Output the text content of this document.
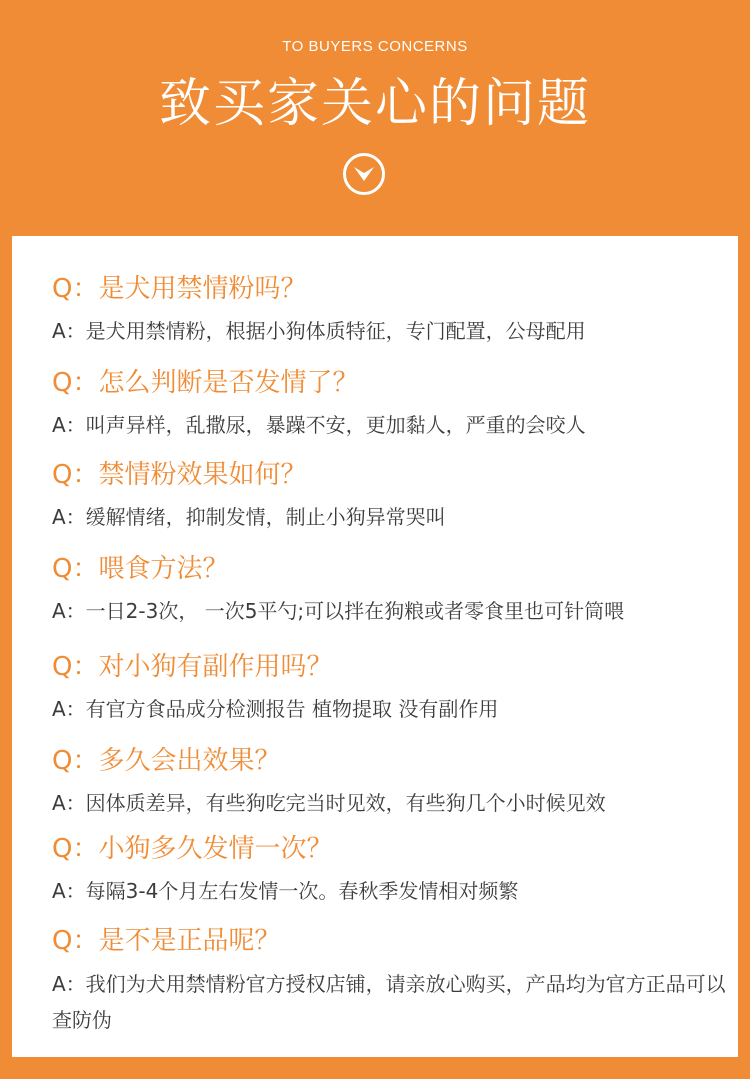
TO BUYERS CONCERNS
致买家关心的问题
Q：是犬用禁情粉吗？
A：是犬用禁情粉，根据小狗体质特征，专门配置，公母配用
Q：怎么判断是否发情了？
A：叫声异样，乱撒尿，暴躁不安，更加黏人，严重的会咬人
Q：禁情粉效果如何？
A：缓解情绪，抑制发情，制止小狗异常哭叫
Q：喂食方法？
A：一日2-3次， 一次5平勺;可以拌在狗粮或者零食里也可针筒喂
Q：对小狗有副作用吗？
A：有官方食品成分检测报告 植物提取 没有副作用
Q：多久会出效果？
A：因体质差异，有些狗吃完当时见效，有些狗几个小时候见效
Q：小狗多久发情一次？
A：每隔3-4个月左右发情一次。春秋季发情相对频繁
Q：是不是正品呢？
A：我们为犬用禁情粉官方授权店铺，请亲放心购买，产品均为官方正品可以查防伪
